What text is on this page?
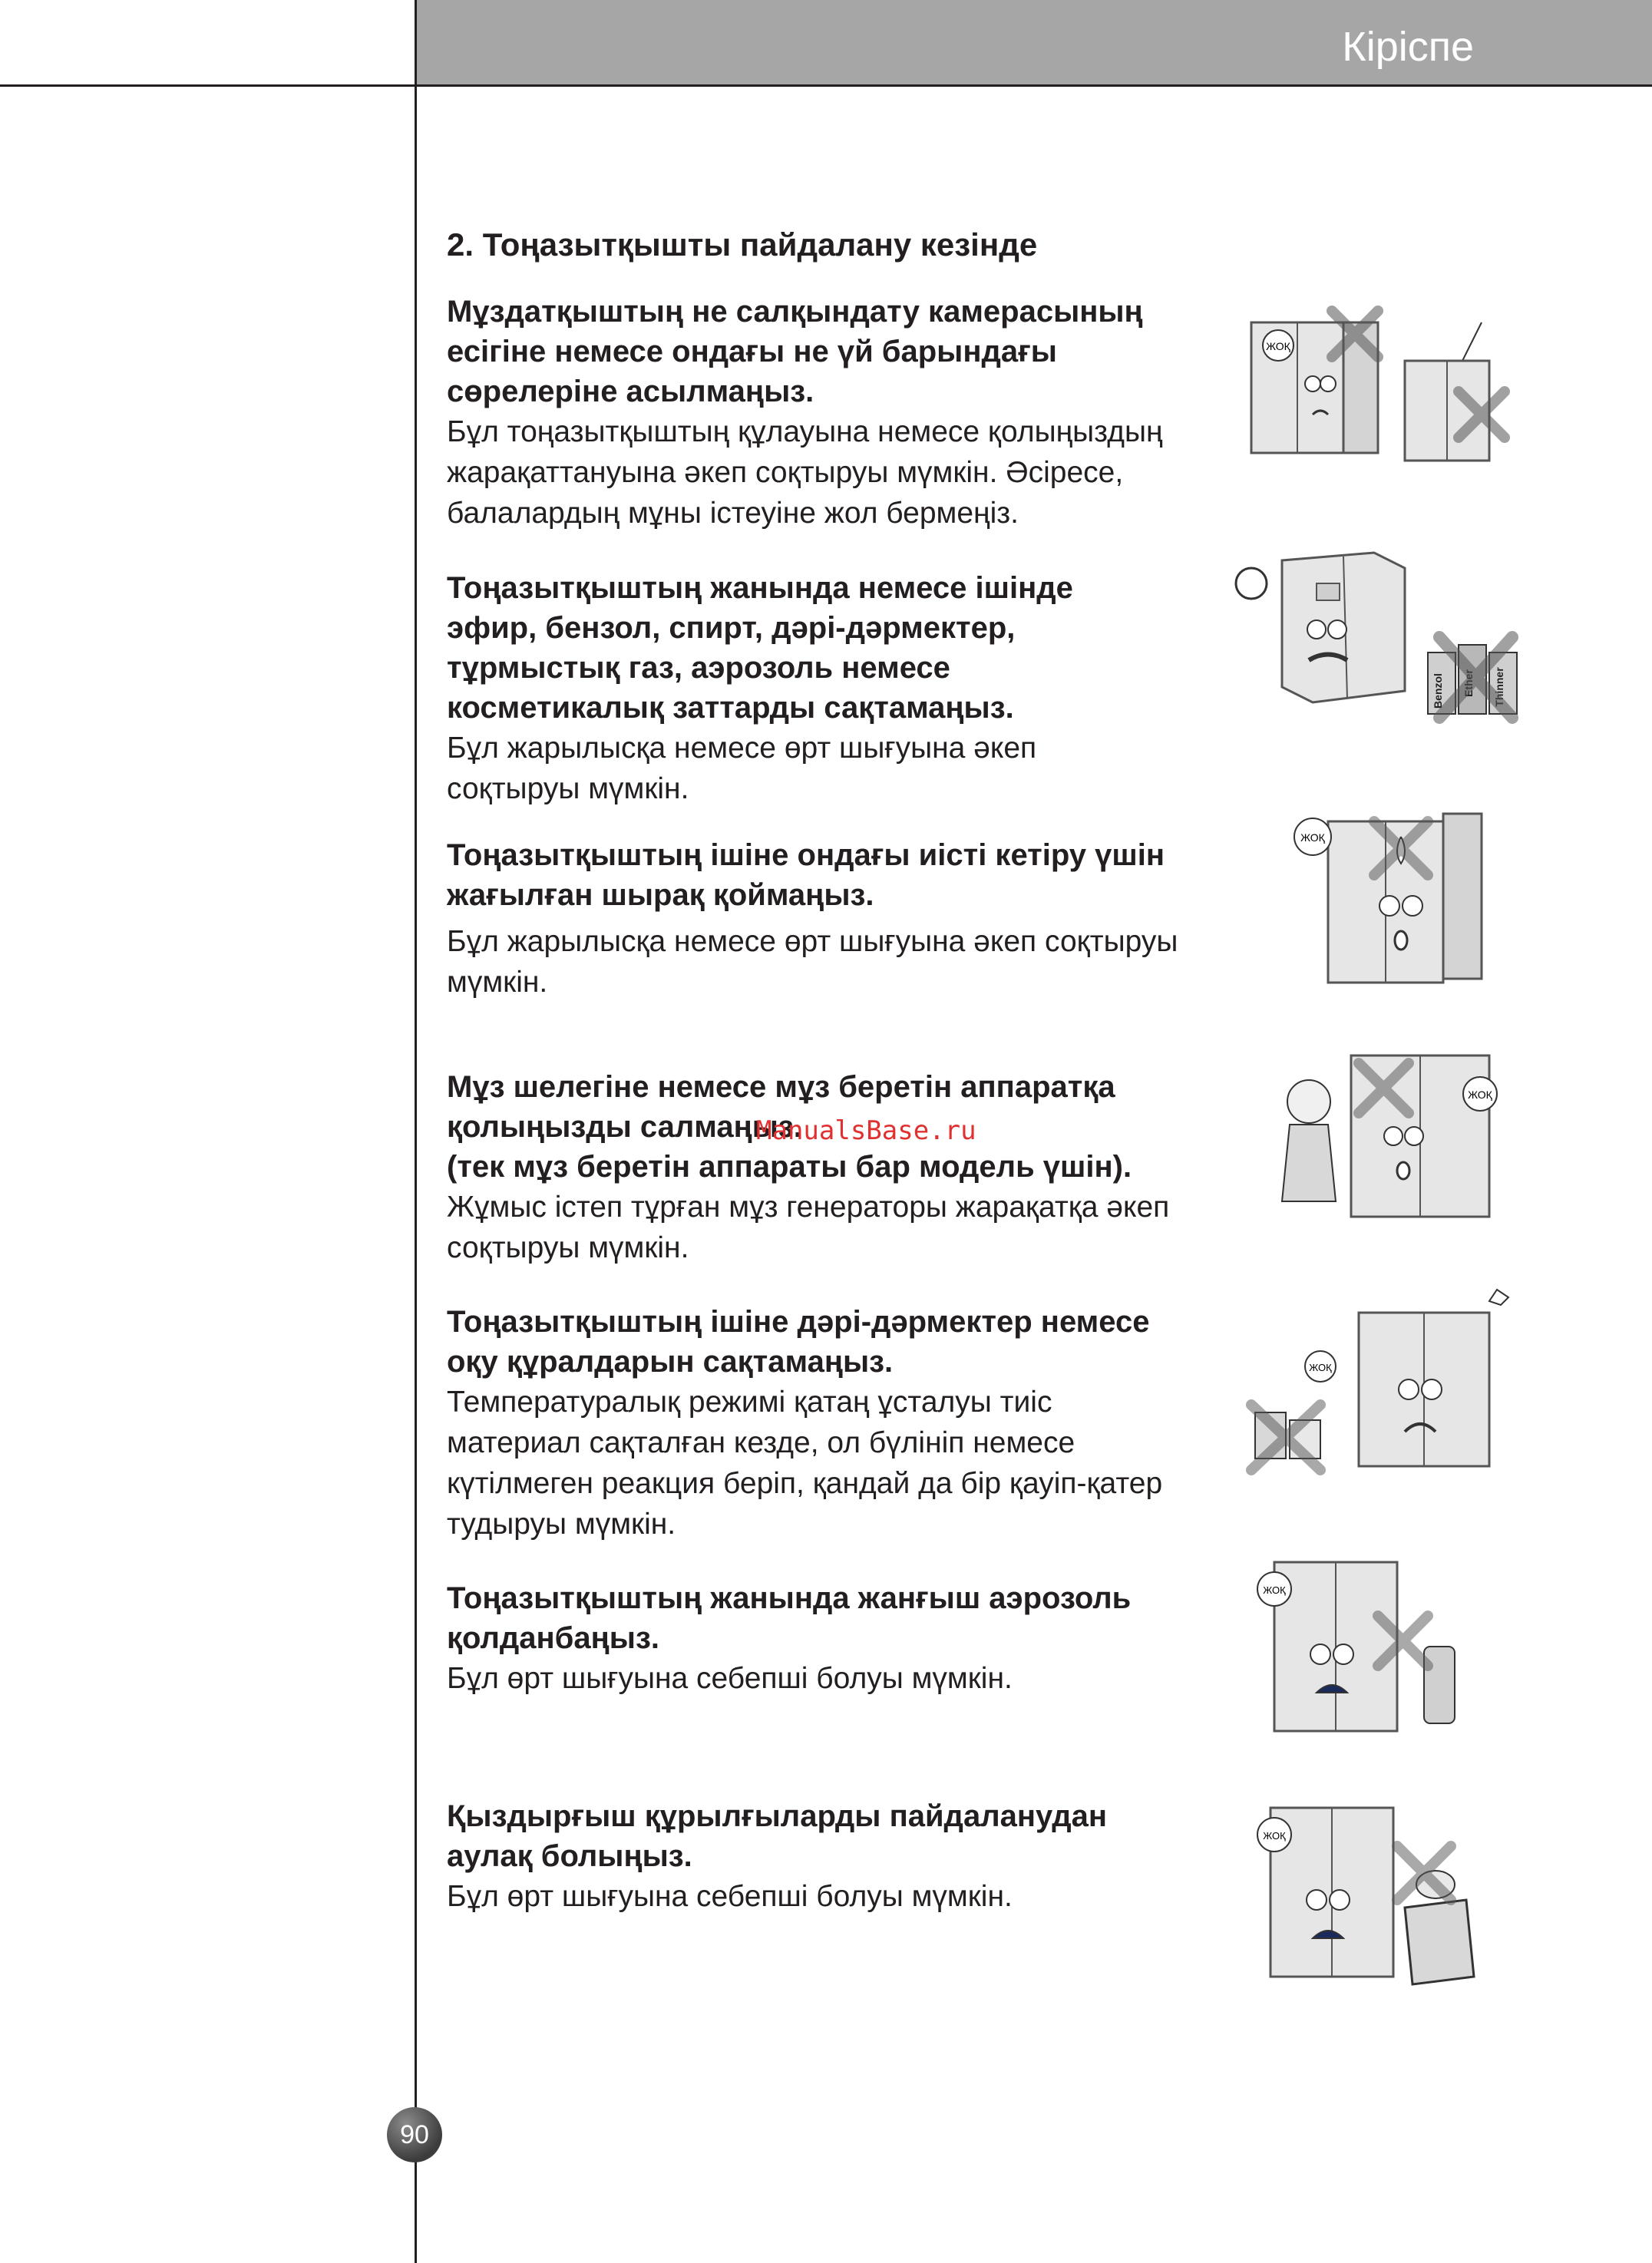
Кіріспе
2. Тоңазытқышты пайдалану кезінде

Мұздатқыштың не салқындату камерасының
есігіне немесе ондағы не үй барындағы
сөрелеріне асылмаңыз.

Бұл тоңазытқыштың құлауына немесе қолыңыздың
жарақаттануына әкеп соқтыруы мүмкін. Әсіресе,
балалардың мұны істеуіне жол бермеңіз.

Тоңазытқыштың жанында немесе ішінде
эфир, бензол, спирт, дәрі-дәрмектер,
тұрмыстық газ, аэрозоль немесе
косметикалық заттарды сақтамаңыз.

Бұл жарылысқа немесе өрт шығуына әкеп
соқтыруы мүмкін.

Тоңазытқыштың ішіне ондағы иісті кетіру үшін
жағылған шырақ қоймаңыз.

Бұл жарылысқа немесе өрт шығуына әкеп соқтыруы
мүмкін.

Мұз шелегіне немесе мұз беретін аппаратқа
қолыңызды салмаңыз.
(тек мұз беретін аппараты бар модель үшін).

Жұмыс істеп тұрған мұз генераторы жарақатқа әкеп
соқтыруы мүмкін.

Тоңазытқыштың ішіне дәрі-дәрмектер немесе
оқу құралдарын сақтамаңыз.

Температуралық режимі қатаң ұсталуы тиіс
материал сақталған кезде, ол бүлініп немесе
күтілмеген реакция беріп, қандай да бір қауіп-қатер
тудыруы мүмкін.

Тоңазытқыштың жанында жанғыш аэрозоль
қолданбаңыз.

Бұл өрт шығуына себепші болуы мүмкін.

Қыздырғыш құрылғыларды пайдаланудан
аулақ болыңыз.

Бұл өрт шығуына себепші болуы мүмкін.

ЖОҚ
Benzol Ether Thinner
ЖОҚ
ЖОҚ
ЖОҚ
ЖОҚ
ЖОҚ
ManualsBase.ru
90
